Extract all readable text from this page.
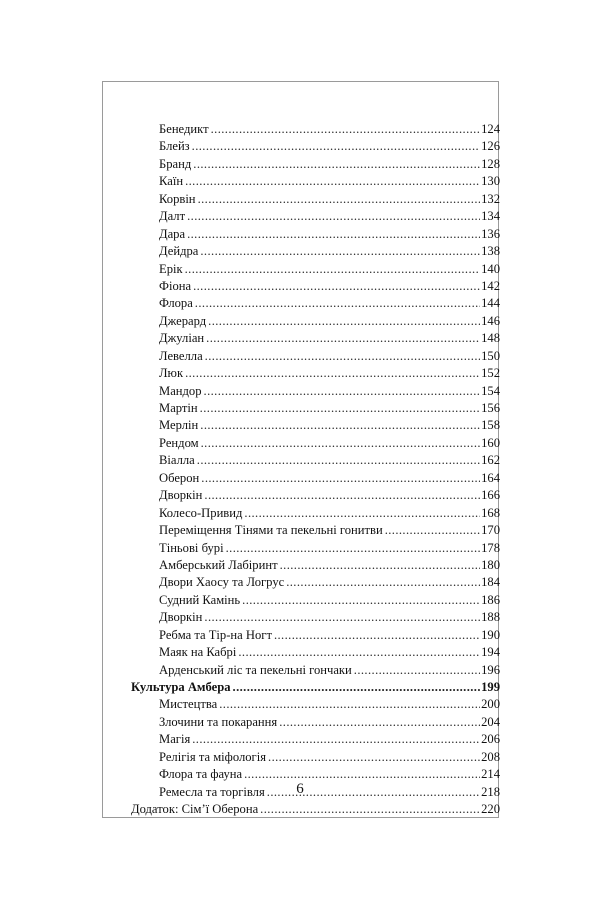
Бенедикт .....	124
Блейз .....	126
Бранд .....	128
Каїн .....	130
Корвін .....	132
Далт .....	134
Дара .....	136
Дейдра .....	138
Ерік .....	140
Фіона .....	142
Флора .....	144
Джерард .....	146
Джуліан .....	148
Левелла .....	150
Люк .....	152
Мандор .....	154
Мартін .....	156
Мерлін .....	158
Рендом .....	160
Віалла .....	162
Оберон .....	164
Дворкін .....	166
Колесо-Привид .....	168
Переміщення Тінями та пекельні гонитви .....	170
Тіньові бурі .....	178
Амберський Лабіринт .....	180
Двори Хаосу та Логрус .....	184
Судний Камінь .....	186
Дворкін .....	188
Ребма та Тір-на Ногт .....	190
Маяк на Кабрі .....	194
Арденський ліс та пекельні гончаки .....	196
Культура Амбера .....	199
Мистецтва .....	200
Злочини та покарання .....	204
Магія .....	206
Релігія та міфологія .....	208
Флора та фауна .....	214
Ремесла та торгівля .....	218
Додаток: Сім’ї Оберона .....	220
6
